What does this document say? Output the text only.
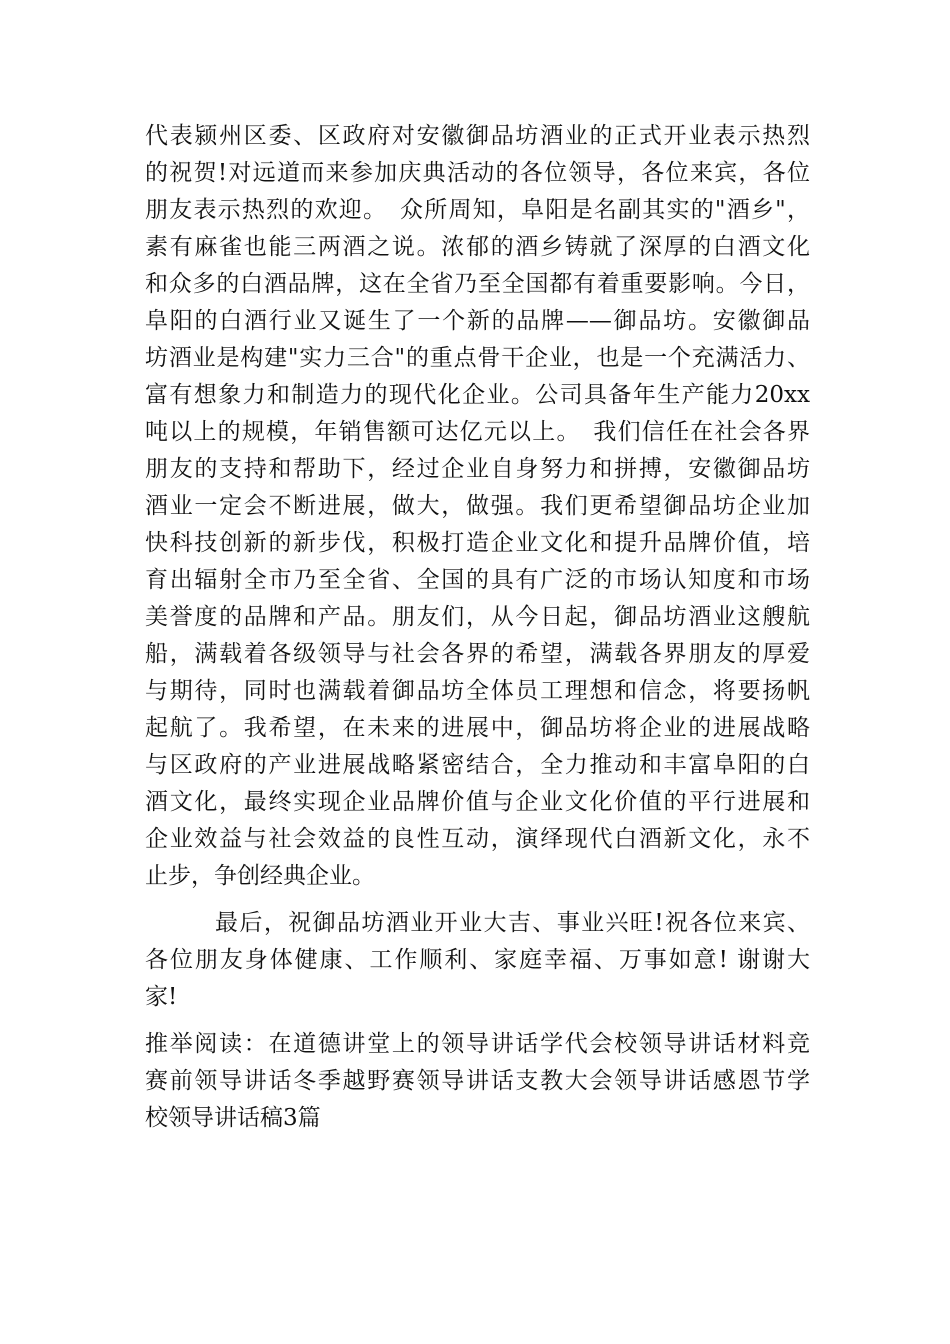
代表颍州区委、区政府对安徽御品坊酒业的正式开业表示热烈
的祝贺!对远道而来参加庆典活动的各位领导，各位来宾，各位
朋友表示热烈的欢迎。　众所周知，阜阳是名副其实的"酒乡"，
素有麻雀也能三两酒之说。浓郁的酒乡铸就了深厚的白酒文化
和众多的白酒品牌，这在全省乃至全国都有着重要影响。今日，
阜阳的白酒行业又诞生了一个新的品牌——御品坊。安徽御品
坊酒业是构建"实力三合"的重点骨干企业，也是一个充满活力、
富有想象力和制造力的现代化企业。公司具备年生产能力20xx
吨以上的规模，年销售额可达亿元以上。　我们信任在社会各界
朋友的支持和帮助下，经过企业自身努力和拼搏，安徽御品坊
酒业一定会不断进展，做大，做强。我们更希望御品坊企业加
快科技创新的新步伐，积极打造企业文化和提升品牌价值，培
育出辐射全市乃至全省、全国的具有广泛的市场认知度和市场
美誉度的品牌和产品。朋友们，从今日起，御品坊酒业这艘航
船，满载着各级领导与社会各界的希望，满载各界朋友的厚爱
与期待，同时也满载着御品坊全体员工理想和信念，将要扬帆
起航了。我希望，在未来的进展中，御品坊将企业的进展战略
与区政府的产业进展战略紧密结合，全力推动和丰富阜阳的白
酒文化，最终实现企业品牌价值与企业文化价值的平行进展和
企业效益与社会效益的良性互动，演绎现代白酒新文化，永不
止步，争创经典企业。
最后，祝御品坊酒业开业大吉、事业兴旺!祝各位来宾、
各位朋友身体健康、工作顺利、家庭幸福、万事如意! 谢谢大
家!
推举阅读：在道德讲堂上的领导讲话学代会校领导讲话材料竞
赛前领导讲话冬季越野赛领导讲话支教大会领导讲话感恩节学
校领导讲话稿3篇
